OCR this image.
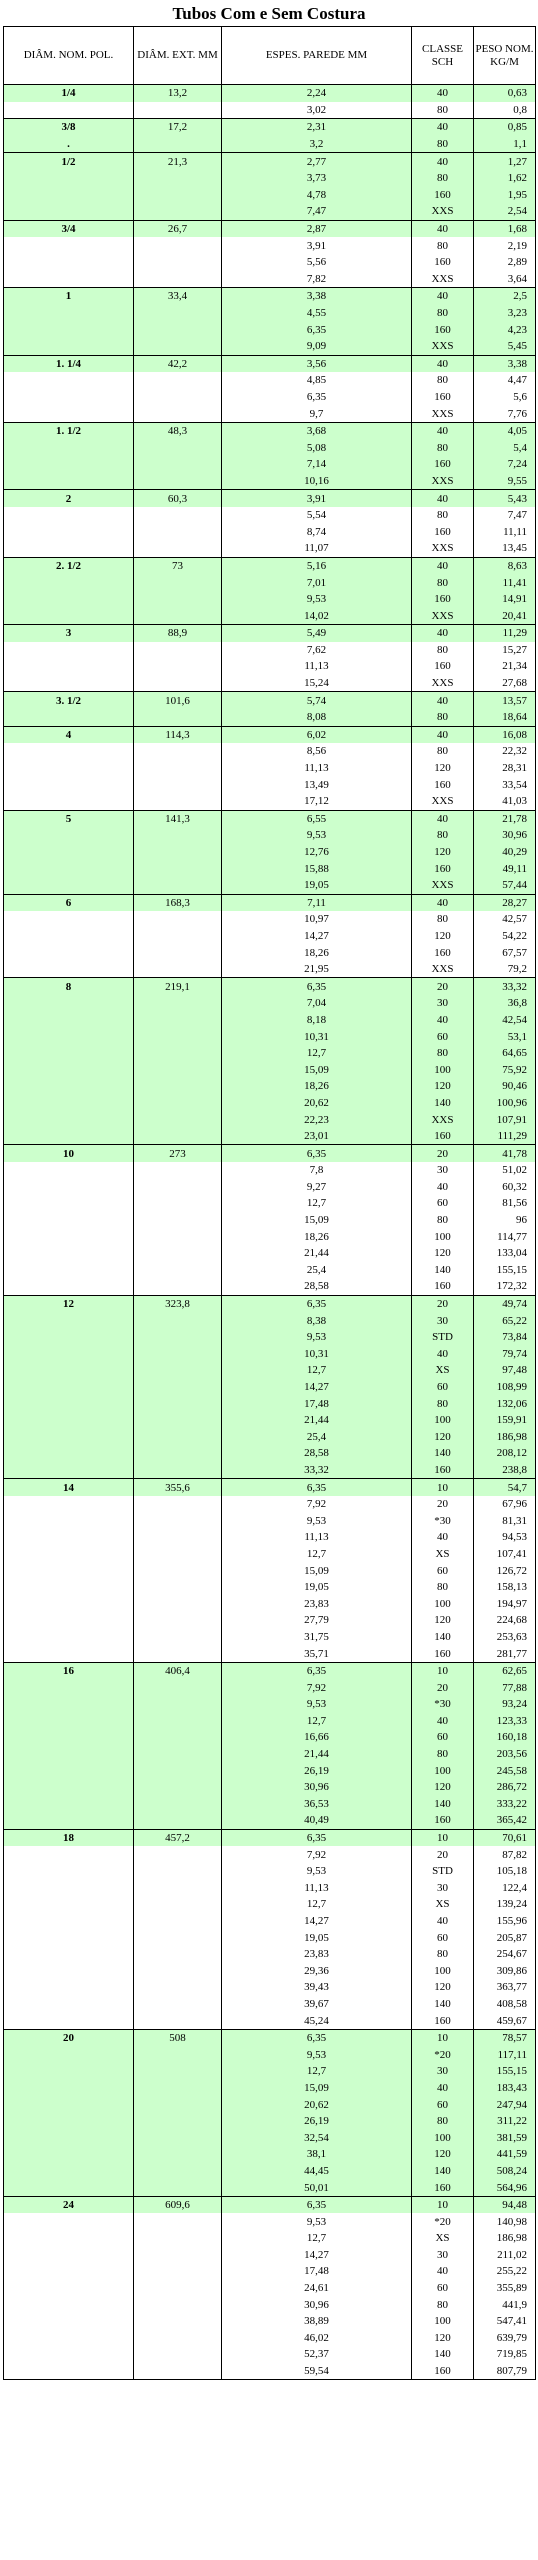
Tubos Com e Sem Costura
DIÂM. NOM. POL.	DIÂM. EXT. MM	ESPES. PAREDE MM	CLASSE SCH	PESO NOM. KG/M
1/4	13,2	2,24	40	0,63
		3,02	80	0,8
3/8	17,2	2,31	40	0,85
.		3,2	80	1,1
1/2	21,3	2,77	40	1,27
		3,73	80	1,62
		4,78	160	1,95
		7,47	XXS	2,54
3/4	26,7	2,87	40	1,68
		3,91	80	2,19
		5,56	160	2,89
		7,82	XXS	3,64
1	33,4	3,38	40	2,5
		4,55	80	3,23
		6,35	160	4,23
		9,09	XXS	5,45
1. 1/4	42,2	3,56	40	3,38
		4,85	80	4,47
		6,35	160	5,6
		9,7	XXS	7,76
1. 1/2	48,3	3,68	40	4,05
		5,08	80	5,4
		7,14	160	7,24
		10,16	XXS	9,55
2	60,3	3,91	40	5,43
		5,54	80	7,47
		8,74	160	11,11
		11,07	XXS	13,45
2. 1/2	73	5,16	40	8,63
		7,01	80	11,41
		9,53	160	14,91
		14,02	XXS	20,41
3	88,9	5,49	40	11,29
		7,62	80	15,27
		11,13	160	21,34
		15,24	XXS	27,68
3. 1/2	101,6	5,74	40	13,57
		8,08	80	18,64
4	114,3	6,02	40	16,08
		8,56	80	22,32
		11,13	120	28,31
		13,49	160	33,54
		17,12	XXS	41,03
5	141,3	6,55	40	21,78
		9,53	80	30,96
		12,76	120	40,29
		15,88	160	49,11
		19,05	XXS	57,44
6	168,3	7,11	40	28,27
		10,97	80	42,57
		14,27	120	54,22
		18,26	160	67,57
		21,95	XXS	79,2
8	219,1	6,35	20	33,32
		7,04	30	36,8
		8,18	40	42,54
		10,31	60	53,1
		12,7	80	64,65
		15,09	100	75,92
		18,26	120	90,46
		20,62	140	100,96
		22,23	XXS	107,91
		23,01	160	111,29
10	273	6,35	20	41,78
		7,8	30	51,02
		9,27	40	60,32
		12,7	60	81,56
		15,09	80	96
		18,26	100	114,77
		21,44	120	133,04
		25,4	140	155,15
		28,58	160	172,32
12	323,8	6,35	20	49,74
		8,38	30	65,22
		9,53	STD	73,84
		10,31	40	79,74
		12,7	XS	97,48
		14,27	60	108,99
		17,48	80	132,06
		21,44	100	159,91
		25,4	120	186,98
		28,58	140	208,12
		33,32	160	238,8
14	355,6	6,35	10	54,7
		7,92	20	67,96
		9,53	*30	81,31
		11,13	40	94,53
		12,7	XS	107,41
		15,09	60	126,72
		19,05	80	158,13
		23,83	100	194,97
		27,79	120	224,68
		31,75	140	253,63
		35,71	160	281,77
16	406,4	6,35	10	62,65
		7,92	20	77,88
		9,53	*30	93,24
		12,7	40	123,33
		16,66	60	160,18
		21,44	80	203,56
		26,19	100	245,58
		30,96	120	286,72
		36,53	140	333,22
		40,49	160	365,42
18	457,2	6,35	10	70,61
		7,92	20	87,82
		9,53	STD	105,18
		11,13	30	122,4
		12,7	XS	139,24
		14,27	40	155,96
		19,05	60	205,87
		23,83	80	254,67
		29,36	100	309,86
		39,43	120	363,77
		39,67	140	408,58
		45,24	160	459,67
20	508	6,35	10	78,57
		9,53	*20	117,11
		12,7	30	155,15
		15,09	40	183,43
		20,62	60	247,94
		26,19	80	311,22
		32,54	100	381,59
		38,1	120	441,59
		44,45	140	508,24
		50,01	160	564,96
24	609,6	6,35	10	94,48
		9,53	*20	140,98
		12,7	XS	186,98
		14,27	30	211,02
		17,48	40	255,22
		24,61	60	355,89
		30,96	80	441,9
		38,89	100	547,41
		46,02	120	639,79
		52,37	140	719,85
		59,54	160	807,79
